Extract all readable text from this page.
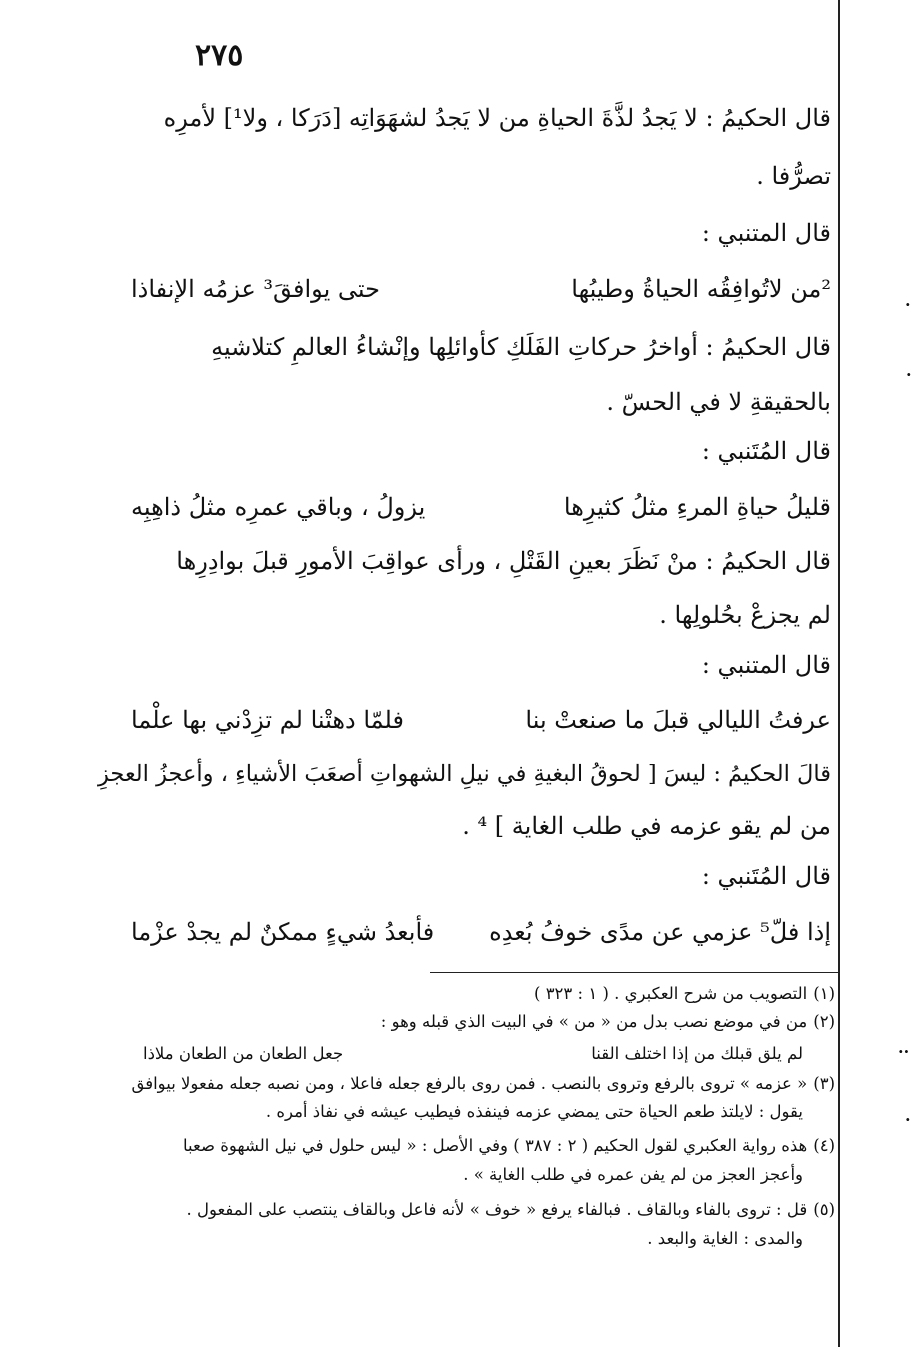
٢٧٥
قال الحكيمُ : لا يَجدُ لذَّةَ الحياةِ من لا يَجدُ لشهَوَاتِه [دَرَكا ، ولا¹] لأمرِه
تصرُّفا .
قال المتنبي :
²من لاتُوافِقُه الحياةُ وطيبُها
حتى يوافقَ³ عزمُه الإنفاذا
قال الحكيمُ : أواخرُ حركاتِ الفَلَكِ كأوائلِها وإنْشاءُ العالمِ كتلاشيهِ
بالحقيقةِ لا في الحسّ .
قال المُتَنبي :
قليلُ حياةِ المرءِ مثلُ كثيرِها
يزولُ ، وباقي عمرِه مثلُ ذاهِبِه
قال الحكيمُ : منْ نَظَرَ بعينِ القَتْلِ ، ورأى عواقِبَ الأمورِ قبلَ بوادِرِها
لم يجزعْ بحُلولِها .
قال المتنبي :
عرفتُ الليالي قبلَ ما صنعتْ بنا
فلمّا دهتْنا لم تزِدْني بها علْما
قالَ الحكيمُ : ليسَ [ لحوقُ البغيةِ في نيلِ الشهواتِ أصعَبَ الأشياءِ ، وأعجزُ العجزِ
من لم يقو عزمه في طلب الغاية ] ⁴ .
قال المُتَنبي :
إذا فلّ⁵ عزمي عن مدًى خوفُ بُعدِه
فأبعدُ شيءٍ ممكنٌ لم يجدْ عزْما
(١)التصويب من شرح العكبري . ( ١ : ٣٢٣ )
(٢)من في موضع نصب بدل من « من » في البيت الذي قبله وهو :
لم يلق قبلك من إذا اختلف القنا
جعل الطعان من الطعان ملاذا
(٣)« عزمه » تروى بالرفع وتروى بالنصب . فمن روى بالرفع جعله فاعلا ، ومن نصبه جعله مفعولا بيوافق
يقول : لايلتذ طعم الحياة حتى يمضي عزمه فينفذه فيطيب عيشه في نفاذ أمره .
(٤)هذه رواية العكبري لقول الحكيم ( ٢ : ٣٨٧ ) وفي الأصل : « ليس حلول في نيل الشهوة صعبا
وأعجز العجز من لم يفن عمره في طلب الغاية » .
(٥)قل : تروى بالفاء وبالقاف . فبالفاء يرفع « خوف » لأنه فاعل وبالقاف ينتصب على المفعول .
والمدى : الغاية والبعد .
·
·
··
·
